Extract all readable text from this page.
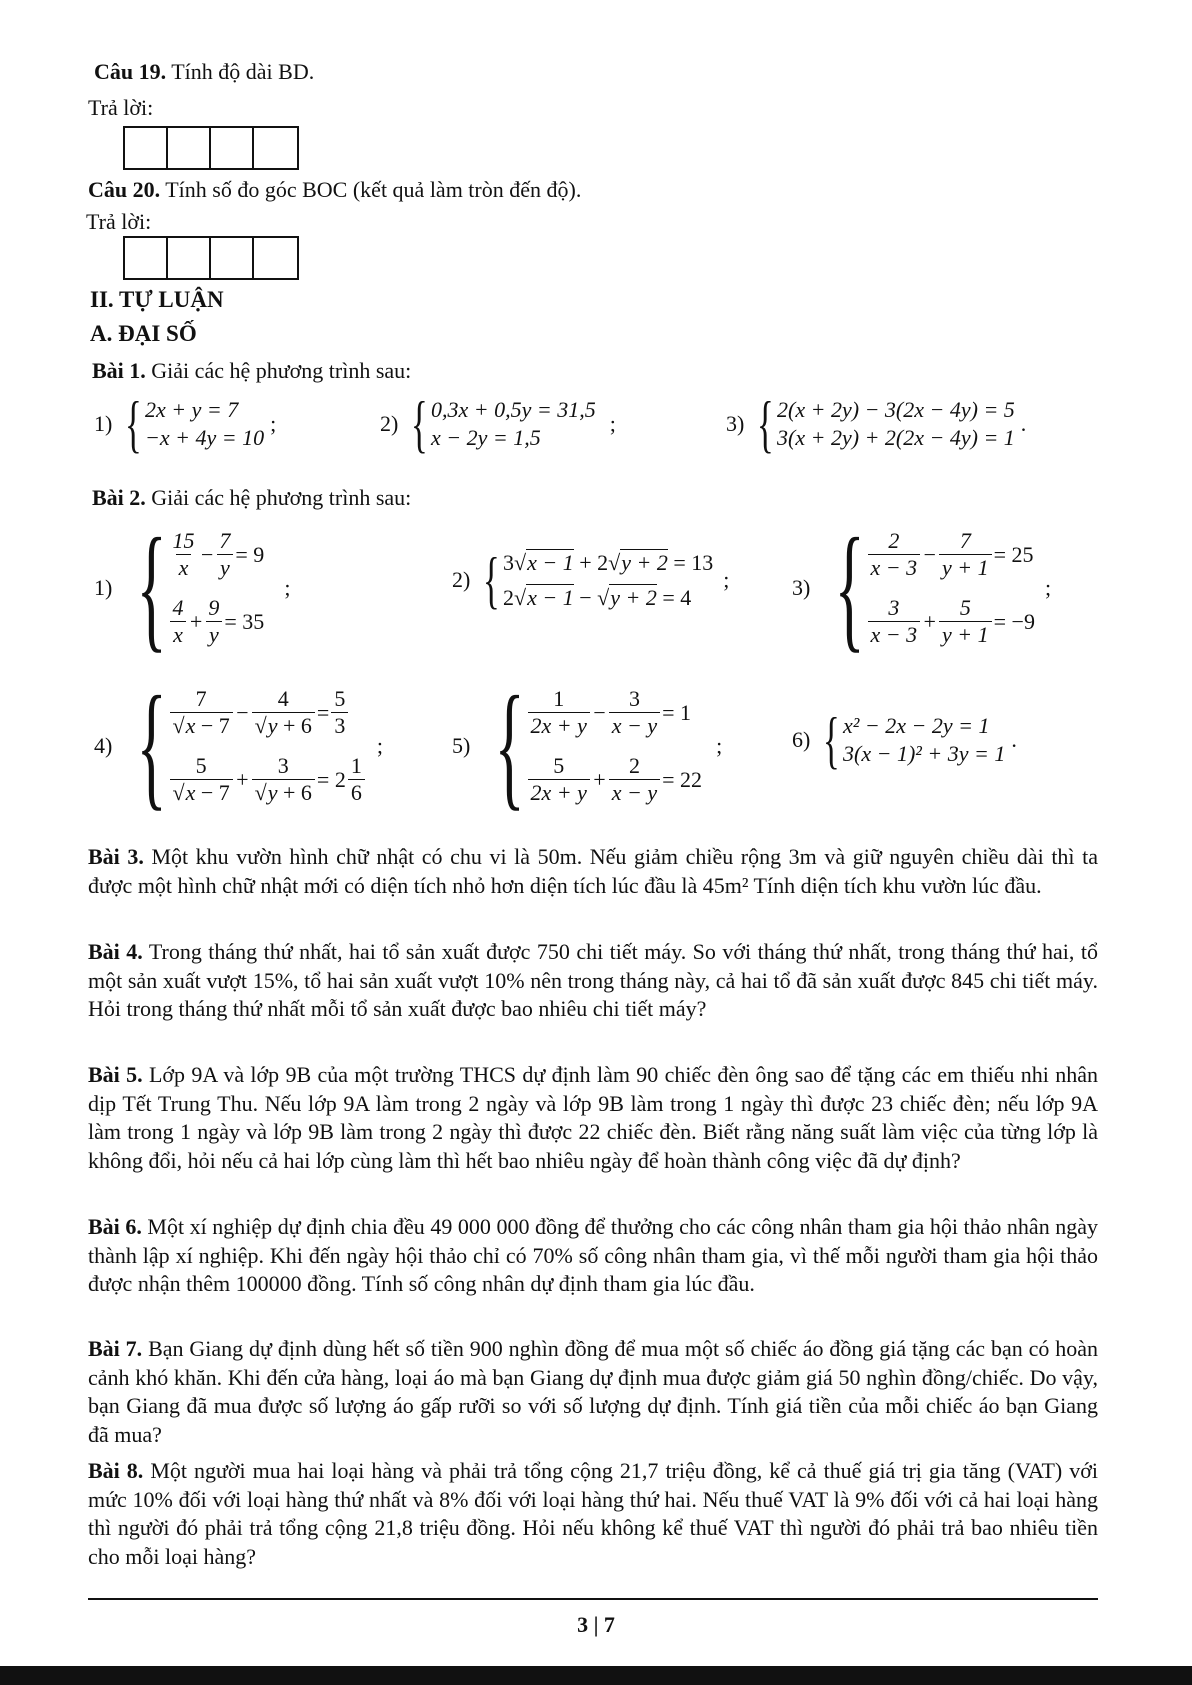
Câu 19. Tính độ dài BD.
Trả lời:
Câu 20. Tính số đo góc BOC (kết quả làm tròn đến độ).
Trả lời:
II. TỰ LUẬN
A. ĐẠI SỐ
Bài 1. Giải các hệ phương trình sau:
1) { 2x + y = 7
−x + 4y = 10
;	2) { 0,3x + 0,5y = 31,5
x − 2y = 1,5
;	3) { 2(x + 2y) − 3(2x − 4y) = 5
3(x + 2y) + 2(2x − 4y) = 1
.
Bài 2. Giải các hệ phương trình sau:
1) { $\frac{15}{x} - \frac{7}{y} = 9$
$\frac{4}{x} + \frac{9}{y} = 35$
;	2) { 3 √ x − 1 + 2 √ y + 2 = 13
2 √ x − 1 − √ y + 2 = 4
;	3) { $\frac{2}{x - 3} - \frac{7}{y + 1} = 25$
$\frac{3}{x - 3} + \frac{5}{y + 1} = -9$
;
4) { $\frac{7}{√x - 7} - \frac{4}{√y + 6} = \frac{5}{3}$
$\frac{5}{√x - 7} + \frac{3}{√y + 6} = 2 \frac{1}{6}$
;	5) { $\frac{1}{2x + y} - \frac{3}{x - y} = 1$
$\frac{5}{2x + y} + \frac{2}{x - y} = 22$
;	6) { x² − 2x − 2y = 1
3(x − 1)² + 3y = 1
.
Bài 3. Một khu vườn hình chữ nhật có chu vi là 50m. Nếu giảm chiều rộng 3m và giữ nguyên chiều dài thì ta được một hình chữ nhật mới có diện tích nhỏ hơn diện tích lúc đầu là 45m² Tính diện tích khu vườn lúc đầu.
Bài 4. Trong tháng thứ nhất, hai tổ sản xuất được 750 chi tiết máy. So với tháng thứ nhất, trong tháng thứ hai, tổ một sản xuất vượt 15%, tổ hai sản xuất vượt 10% nên trong tháng này, cả hai tổ đã sản xuất được 845 chi tiết máy. Hỏi trong tháng thứ nhất mỗi tổ sản xuất được bao nhiêu chi tiết máy?
Bài 5. Lớp 9A và lớp 9B của một trường THCS dự định làm 90 chiếc đèn ông sao để tặng các em thiếu nhi nhân dịp Tết Trung Thu. Nếu lớp 9A làm trong 2 ngày và lớp 9B làm trong 1 ngày thì được 23 chiếc đèn; nếu lớp 9A làm trong 1 ngày và lớp 9B làm trong 2 ngày thì được 22 chiếc đèn. Biết rằng năng suất làm việc của từng lớp là không đổi, hỏi nếu cả hai lớp cùng làm thì hết bao nhiêu ngày để hoàn thành công việc đã dự định?
Bài 6. Một xí nghiệp dự định chia đều 49 000 000 đồng để thưởng cho các công nhân tham gia hội thảo nhân ngày thành lập xí nghiệp. Khi đến ngày hội thảo chỉ có 70% số công nhân tham gia, vì thế mỗi người tham gia hội thảo được nhận thêm 100000 đồng. Tính số công nhân dự định tham gia lúc đầu.
Bài 7. Bạn Giang dự định dùng hết số tiền 900 nghìn đồng để mua một số chiếc áo đồng giá tặng các bạn có hoàn cảnh khó khăn. Khi đến cửa hàng, loại áo mà bạn Giang dự định mua được giảm giá 50 nghìn đồng/chiếc. Do vậy, bạn Giang đã mua được số lượng áo gấp rưỡi so với số lượng dự định. Tính giá tiền của mỗi chiếc áo bạn Giang đã mua?
Bài 8. Một người mua hai loại hàng và phải trả tổng cộng 21,7 triệu đồng, kể cả thuế giá trị gia tăng (VAT) với mức 10% đối với loại hàng thứ nhất và 8% đối với loại hàng thứ hai. Nếu thuế VAT là 9% đối với cả hai loại hàng thì người đó phải trả tổng cộng 21,8 triệu đồng. Hỏi nếu không kể thuế VAT thì người đó phải trả bao nhiêu tiền cho mỗi loại hàng?
3 | 7
